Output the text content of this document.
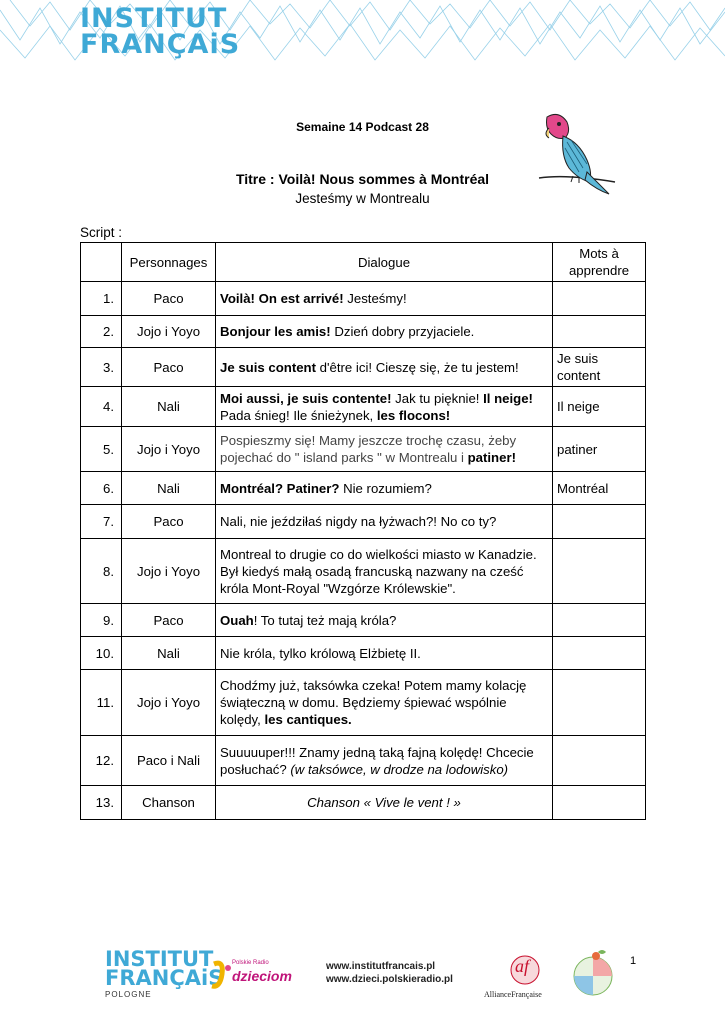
INSTITUT
FRANÇAiS
Semaine 14 Podcast 28
Titre : Voilà! Nous sommes à Montréal
Jesteśmy w Montrealu
Script :
	Personnages	Dialogue	Mots à apprendre
1.	Paco	Voilà! On est arrivé! Jesteśmy!	
2.	Jojo i Yoyo	Bonjour les amis! Dzień dobry przyjaciele.	
3.	Paco	Je suis content d'être ici! Cieszę się, że tu jestem!	Je suis content
4.	Nali	Moi aussi, je suis contente! Jak tu pięknie! Il neige! Pada śnieg! Ile śnieżynek, les flocons!	Il neige
5.	Jojo i Yoyo	Pospieszmy się! Mamy jeszcze trochę czasu, żeby pojechać do " island parks " w Montrealu i patiner!	patiner
6.	Nali	Montréal? Patiner? Nie rozumiem?	Montréal
7.	Paco	Nali, nie jeździłaś nigdy na łyżwach?! No co ty?	
8.	Jojo i Yoyo	Montreal to drugie co do wielkości miasto w Kanadzie. Był kiedyś małą osadą francuską nazwany na cześć króla Mont-Royal "Wzgórze Królewskie".	
9.	Paco	Ouah! To tutaj też mają króla?	
10.	Nali	Nie króla, tylko królową Elżbietę II.	
11.	Jojo i Yoyo	Chodźmy już, taksówka czeka! Potem mamy kolację świąteczną w domu. Będziemy śpiewać wspólnie kolędy, les cantiques.	
12.	Paco i Nali	Suuuuuper!!! Znamy jedną taką fajną kolędę! Chcecie posłuchać? (w taksówce, w drodze na lodowisko)	
13.	Chanson	Chanson « Vive le vent ! »	
INSTITUT
FRANÇAiS
POLOGNE
Polskie Radio
dzieciom
www.institutfrancais.pl
www.dzieci.polskieradio.pl
af
AllianceFrançaise
1
